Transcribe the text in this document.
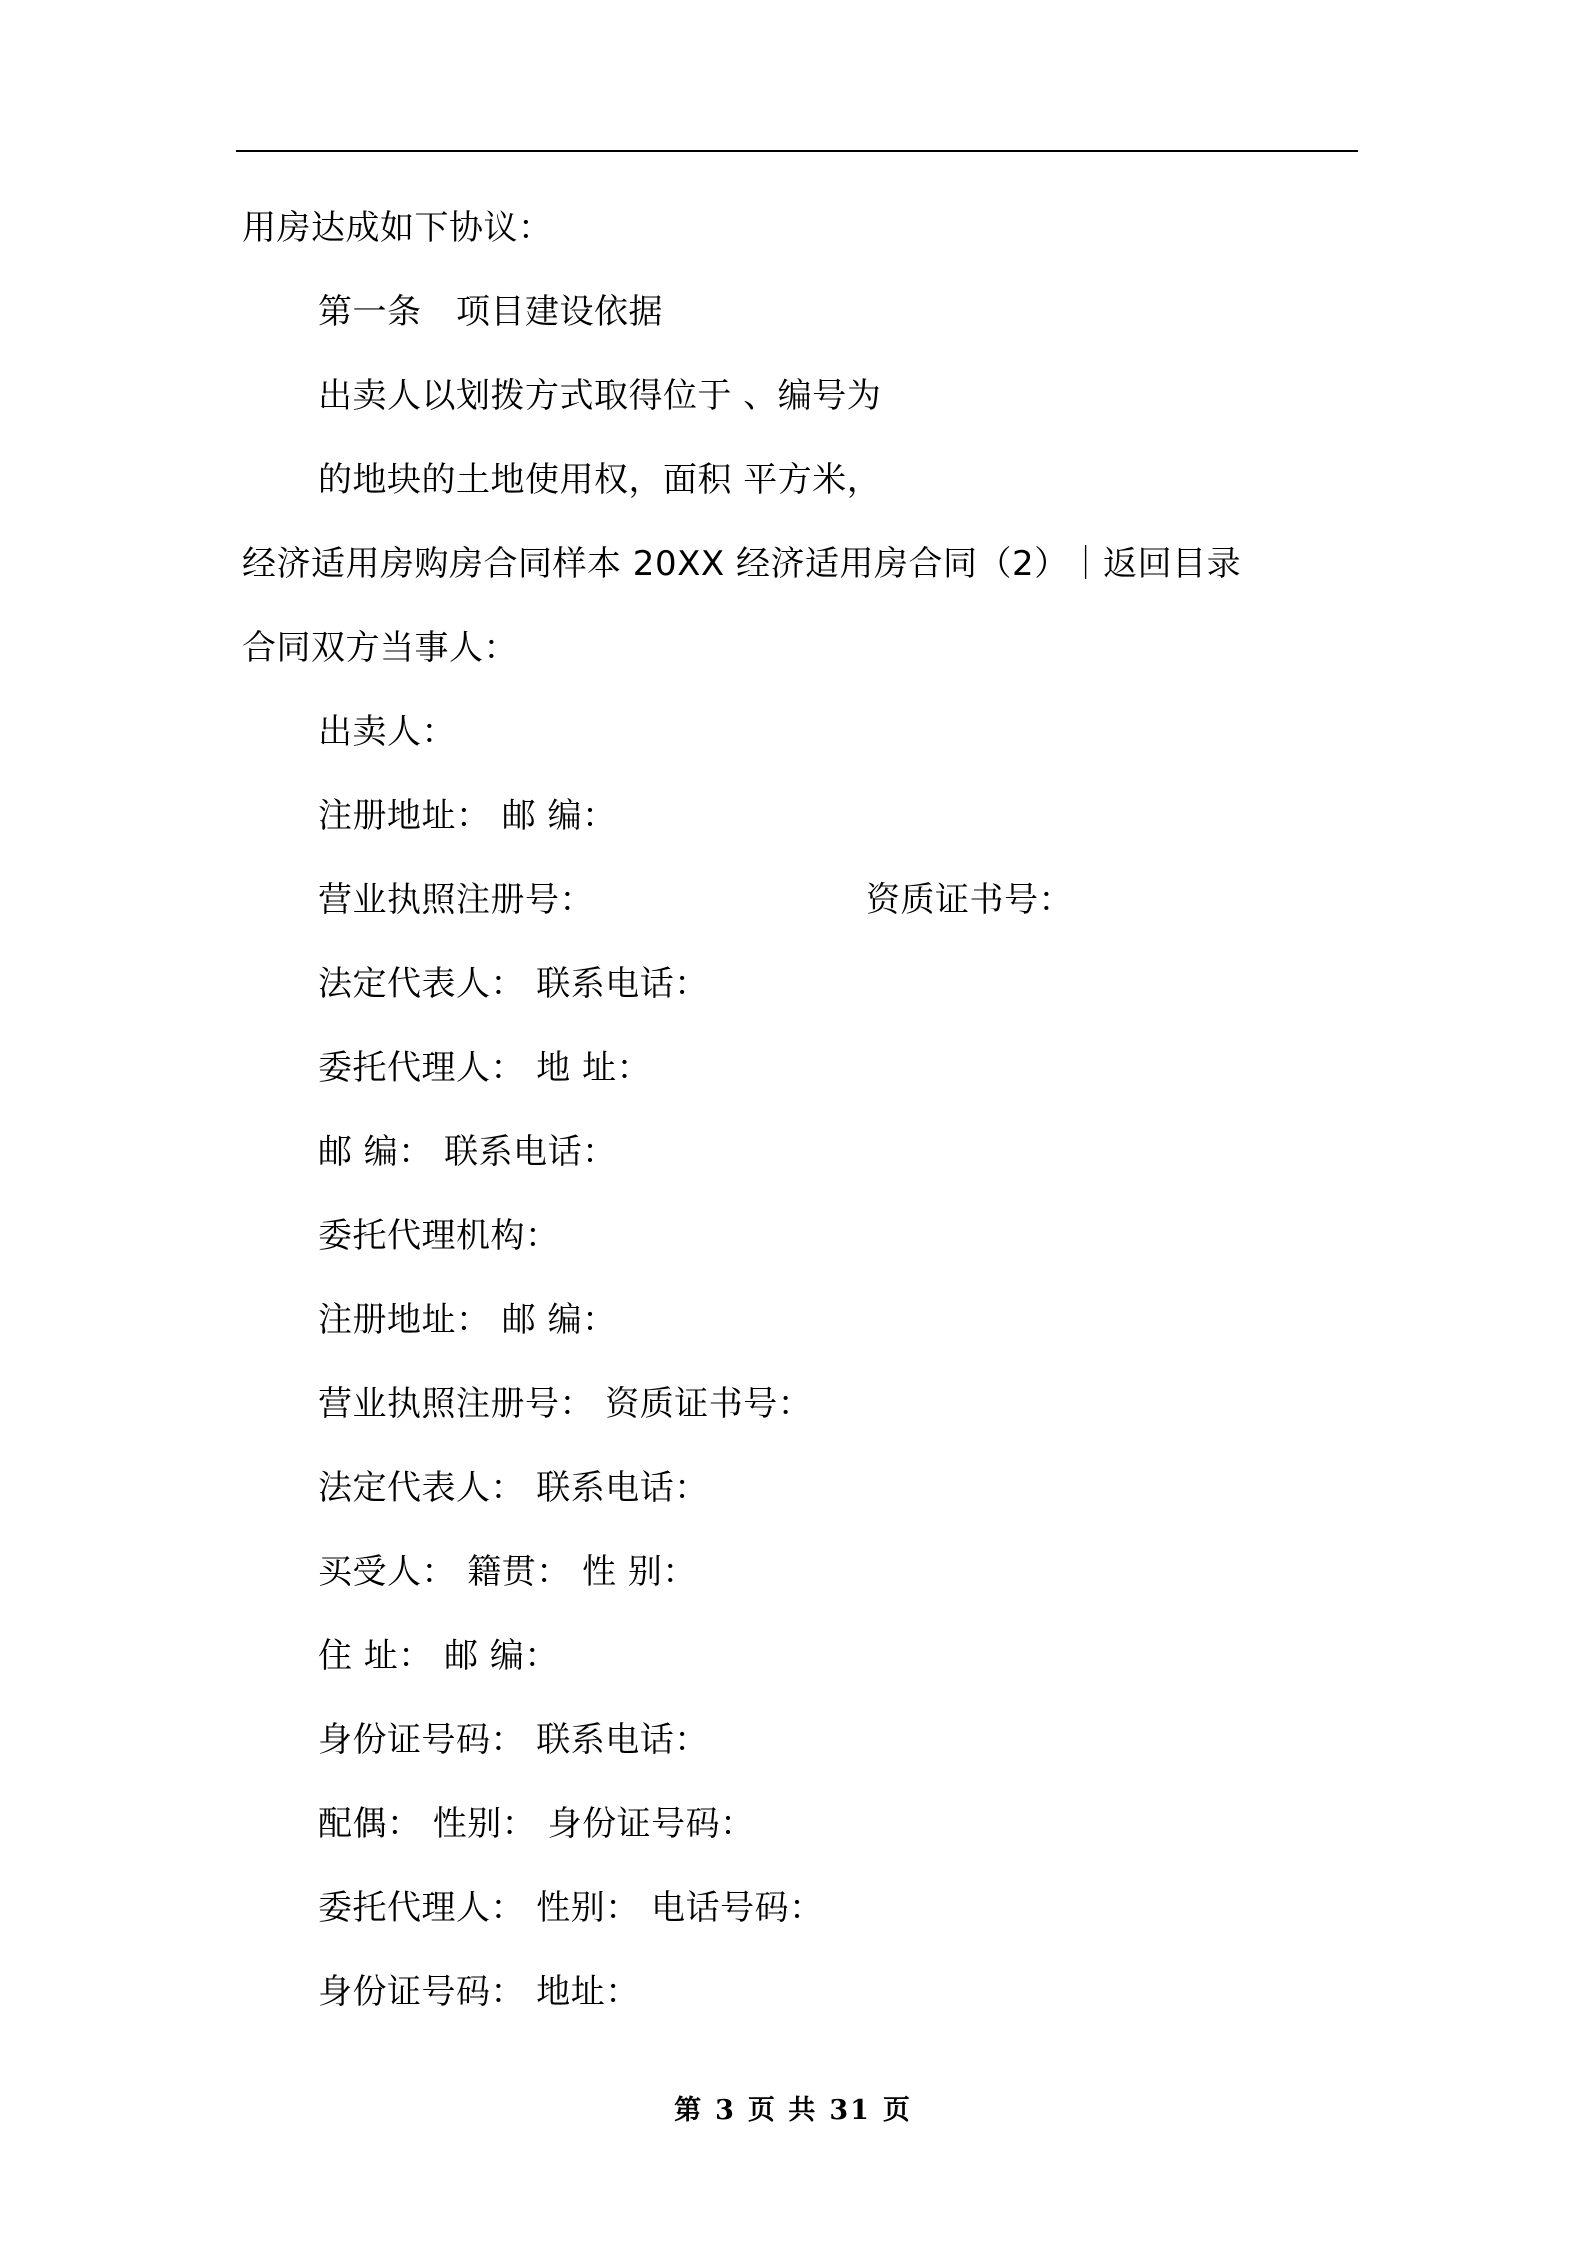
用房达成如下协议：
第一条　项目建设依据
出卖人以划拨方式取得位于 、编号为
的地块的土地使用权，面积 平方米，
经济适用房购房合同样本 20XX 经济适用房合同（2）｜返回目录
合同双方当事人：
出卖人：
注册地址： 邮 编：
营业执照注册号：	资质证书号：
法定代表人： 联系电话：
委托代理人： 地 址：
邮 编： 联系电话：
委托代理机构：
注册地址： 邮 编：
营业执照注册号： 资质证书号：
法定代表人： 联系电话：
买受人： 籍贯： 性 别：
住 址： 邮 编：
身份证号码： 联系电话：
配偶： 性别： 身份证号码：
委托代理人： 性别： 电话号码：
身份证号码： 地址：
第 3 页 共 31 页
